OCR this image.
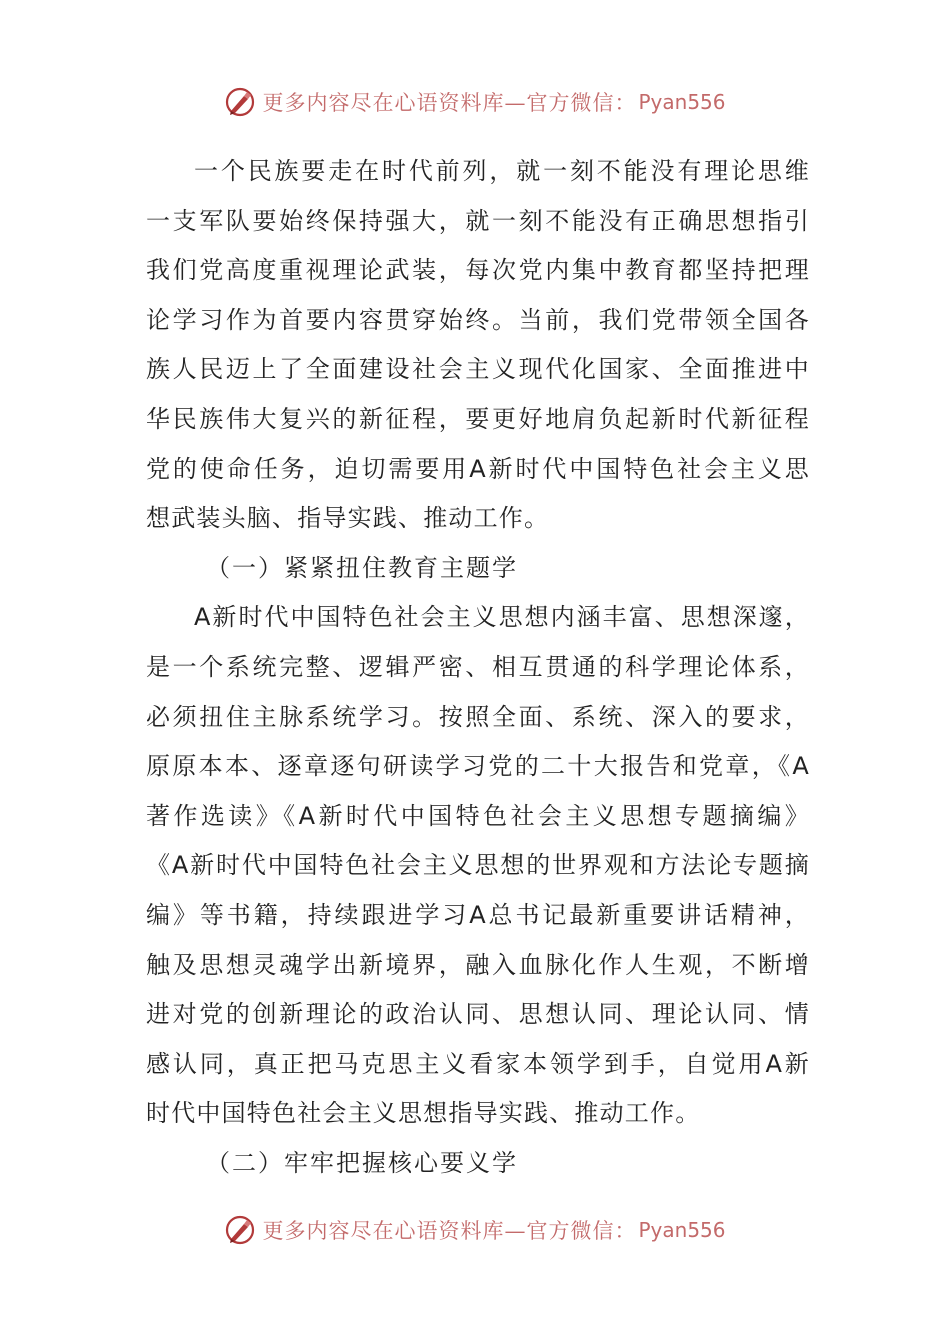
更多内容尽在心语资料库—官方微信： Pyan556
一个民族要走在时代前列，就一刻不能没有理论思维
一支军队要始终保持强大，就一刻不能没有正确思想指引
我们党高度重视理论武装，每次党内集中教育都坚持把理
论学习作为首要内容贯穿始终。当前，我们党带领全国各
族人民迈上了全面建设社会主义现代化国家、全面推进中
华民族伟大复兴的新征程，要更好地肩负起新时代新征程
党的使命任务，迫切需要用A新时代中国特色社会主义思
想武装头脑、指导实践、推动工作。
（一）紧紧扭住教育主题学
A新时代中国特色社会主义思想内涵丰富、思想深邃，
是一个系统完整、逻辑严密、相互贯通的科学理论体系，
必须扭住主脉系统学习。按照全面、系统、深入的要求，
原原本本、逐章逐句研读学习党的二十大报告和党章，《A
著作选读》《A新时代中国特色社会主义思想专题摘编》
《A新时代中国特色社会主义思想的世界观和方法论专题摘
编》等书籍，持续跟进学习A总书记最新重要讲话精神，
触及思想灵魂学出新境界，融入血脉化作人生观，不断增
进对党的创新理论的政治认同、思想认同、理论认同、情
感认同，真正把马克思主义看家本领学到手，自觉用A新
时代中国特色社会主义思想指导实践、推动工作。
（二）牢牢把握核心要义学
更多内容尽在心语资料库—官方微信： Pyan556
